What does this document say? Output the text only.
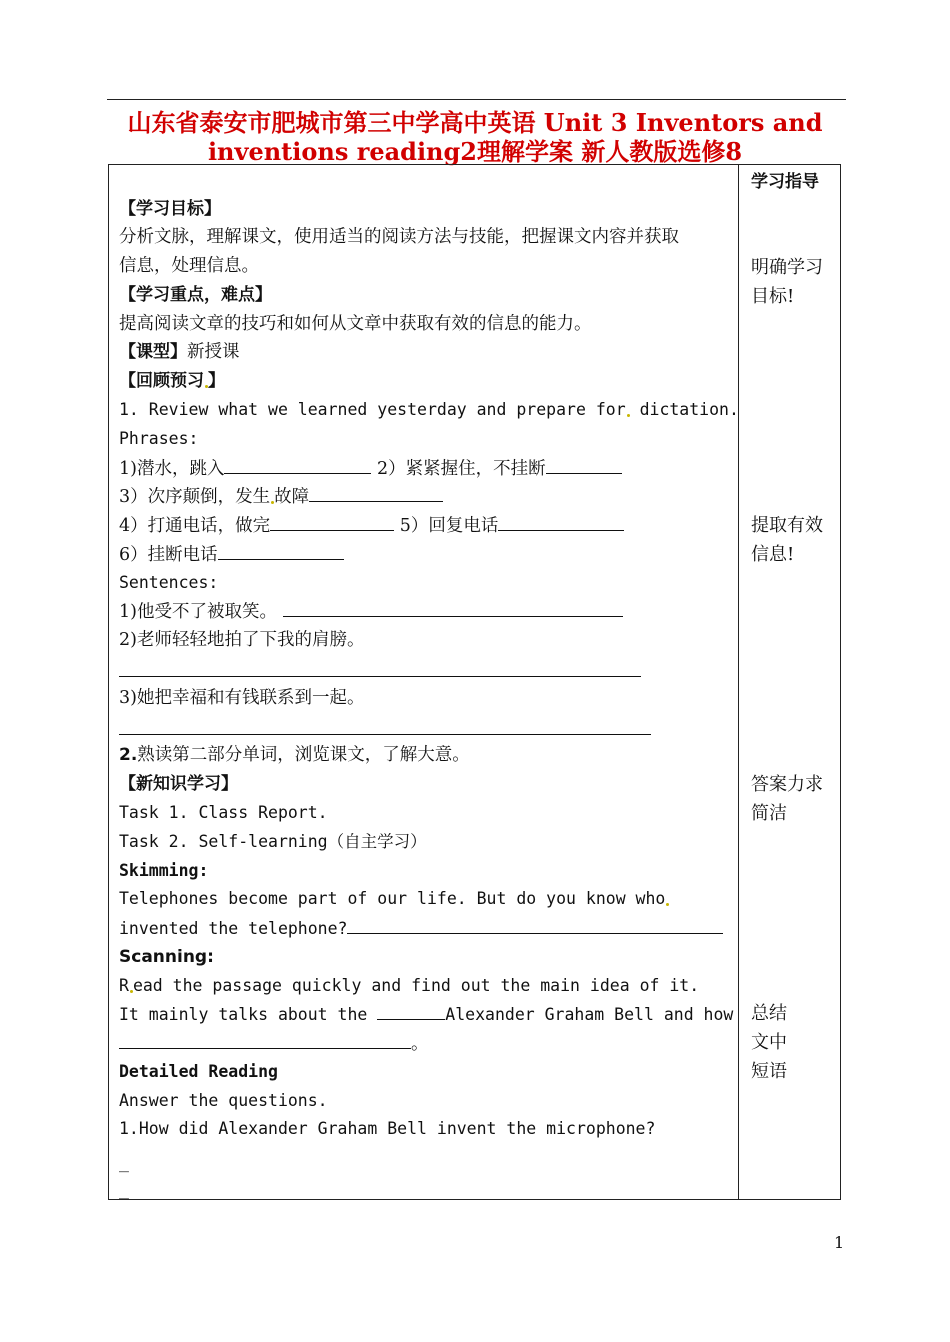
山东省泰安市肥城市第三中学高中英语 Unit 3 Inventors and
inventions reading2理解学案 新人教版选修8
学习指导
明确学习
目标!
提取有效
信息!
答案力求
简洁
总结
文中
短语
【学习目标】
分析文脉，理解课文，使用适当的阅读方法与技能，把握课文内容并获取
信息，处理信息。
【学习重点，难点】
提高阅读文章的技巧和如何从文章中获取有效的信息的能力。
【课型】新授课
【回顾预习 】
1. Review what we learned yesterday and prepare for dictation.
Phrases:
1)潜水，跳入	2）紧紧握住，不挂断
3）次序颠倒，发生 故障
4）打通电话，做完	5）回复电话
6）挂断电话
Sentences:
1)他受不了被取笑。
2)老师轻轻地拍了下我的肩膀。
3)她把幸福和有钱联系到一起。
2.熟读第二部分单词，浏览课文，了解大意。
【新知识学习】
Task 1. Class Report.
Task 2. Self-learning（自主学习）
Skimming:
Telephones become part of our life. But do you know who
invented the telephone?
Scanning:
R ead the passage quickly and find out the main idea of it.
It mainly talks about the	Alexander Graham Bell and how
。
Detailed Reading
Answer the questions.
1.How did Alexander Graham Bell invent the microphone?
_
_
1
